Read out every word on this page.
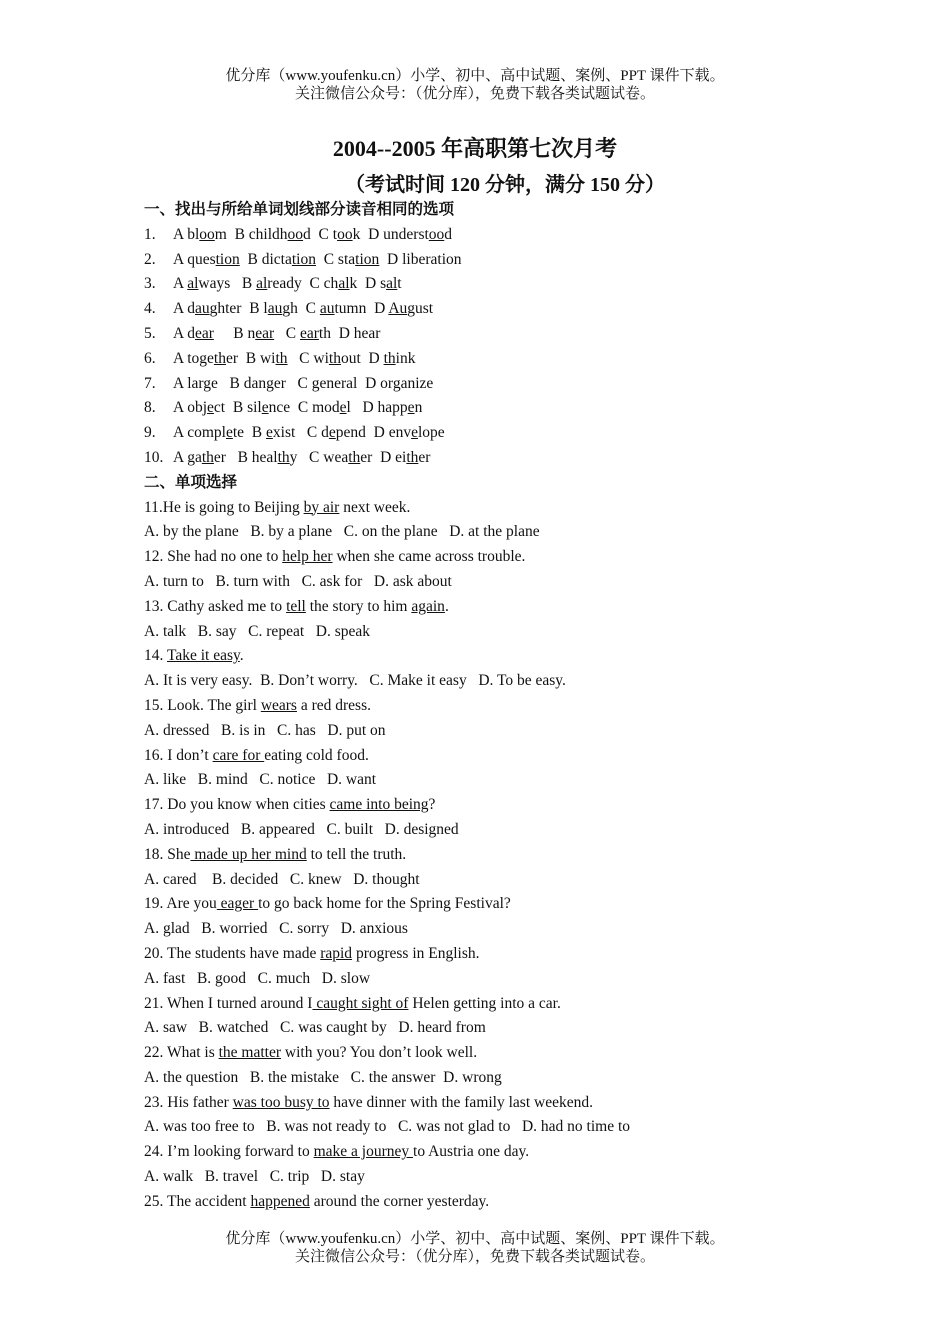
优分库（www.youfenku.cn）小学、初中、高中试题、案例、PPT 课件下载。
关注微信公众号：（优分库），免费下载各类试题试卷。
2004--2005 年高职第七次月考
（考试时间 120 分钟，满分 150 分）
一、找出与所给单词划线部分读音相同的选项
1. A bloom  B childhood  C took  D understood
2. A question  B dictation  C station  D liberation
3. A always   B already  C chalk  D salt
4. A daughter  B laugh  C autumn  D August
5. A dear     B near   C earth  D hear
6. A together  B with   C without  D think
7. A large   B danger   C general  D organize
8. A object  B silence  C model   D happen
9. A complete  B exist   C depend  D envelope
10. A gather   B healthy   C weather  D either
二、单项选择
11.He is going to Beijing by air next week.
A. by the plane   B. by a plane   C. on the plane   D. at the plane
12. She had no one to help her when she came across trouble.
A. turn to   B. turn with   C. ask for   D. ask about
13. Cathy asked me to tell the story to him again.
A. talk   B. say   C. repeat   D. speak
14. Take it easy.
A. It is very easy.  B. Don’t worry.   C. Make it easy   D. To be easy.
15. Look. The girl wears a red dress.
A. dressed   B. is in   C. has   D. put on
16. I don’t care for eating cold food.
A. like   B. mind   C. notice   D. want
17. Do you know when cities came into being?
A. introduced   B. appeared   C. built   D. designed
18. She made up her mind to tell the truth.
A. cared    B. decided   C. knew   D. thought
19. Are you eager to go back home for the Spring Festival?
A. glad   B. worried   C. sorry   D. anxious
20. The students have made rapid progress in English.
A. fast   B. good   C. much   D. slow
21. When I turned around I caught sight of Helen getting into a car.
A. saw   B. watched   C. was caught by   D. heard from
22. What is the matter with you? You don’t look well.
A. the question   B. the mistake   C. the answer  D. wrong
23. His father was too busy to have dinner with the family last weekend.
A. was too free to   B. was not ready to   C. was not glad to   D. had no time to
24. I’m looking forward to make a journey to Austria one day.
A. walk   B. travel   C. trip   D. stay
25. The accident happened around the corner yesterday.
优分库（www.youfenku.cn）小学、初中、高中试题、案例、PPT 课件下载。
关注微信公众号：（优分库），免费下载各类试题试卷。
